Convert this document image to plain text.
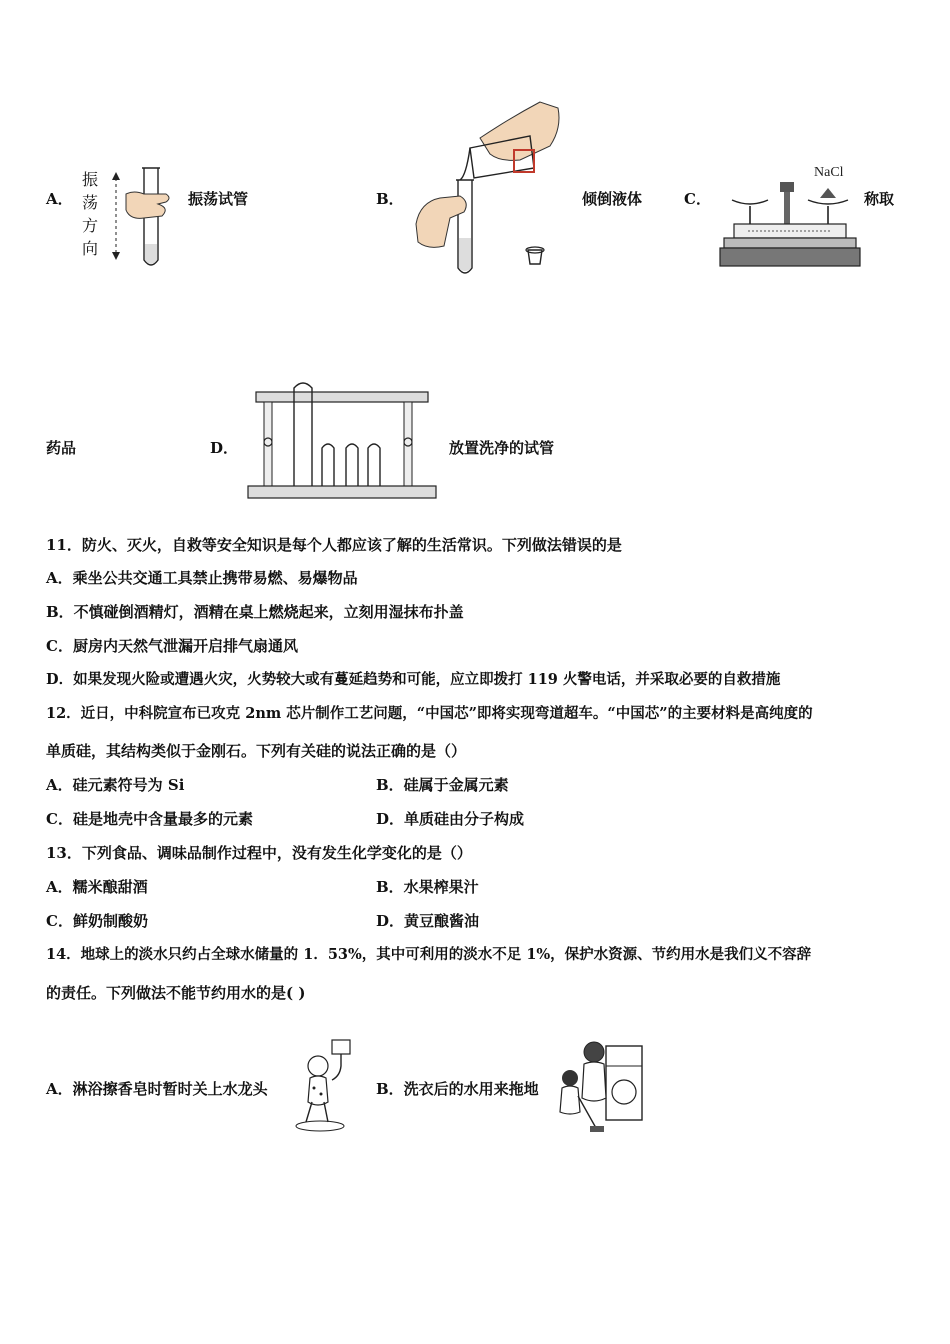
A．
振
荡
方
向
振荡试管	B．	倾倒液体	C．
NaCl
称取
药品	D．	放置洗净的试管
11．防火、灭火，自救等安全知识是每个人都应该了解的生活常识。下列做法错误的是
A．乘坐公共交通工具禁止携带易燃、易爆物品
B．不慎碰倒酒精灯，酒精在桌上燃烧起来，立刻用湿抹布扑盖
C．厨房内天然气泄漏开启排气扇通风
D．如果发现火险或遭遇火灾，火势较大或有蔓延趋势和可能，应立即拨打 119 火警电话，并采取必要的自救措施
12．近日，中科院宣布已攻克 2nm 芯片制作工艺问题，“中国芯”即将实现弯道超车。“中国芯”的主要材料是高纯度的
单质硅，其结构类似于金刚石。下列有关硅的说法正确的是（）
A．硅元素符号为 Si	B．硅属于金属元素
C．硅是地壳中含量最多的元素	D．单质硅由分子构成
13．下列食品、调味品制作过程中，没有发生化学变化的是（）
A．糯米酿甜酒	B．水果榨果汁
C．鲜奶制酸奶	D．黄豆酿酱油
14．地球上的淡水只约占全球水储量的 1．53%，其中可利用的淡水不足 1%，保护水资源、节约用水是我们义不容辞
的责任。下列做法不能节约用水的是( )
A．淋浴擦香皂时暂时关上水龙头	B．洗衣后的水用来拖地
